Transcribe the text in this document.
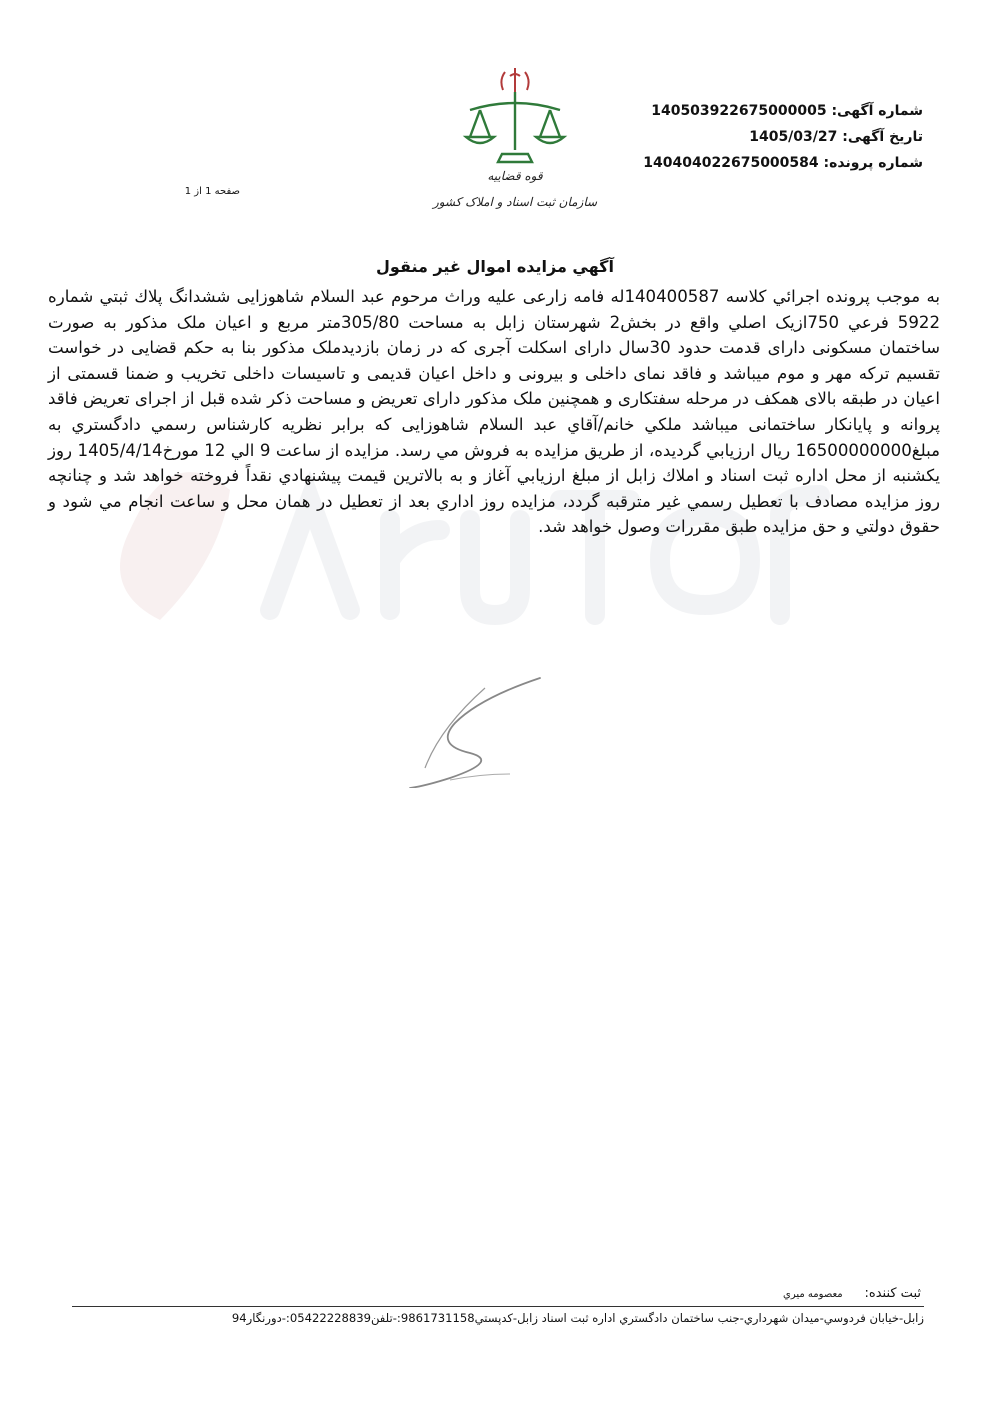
شماره آگهی: 140503922675000005
تاریخ آگهی: 1405/03/27
شماره پرونده: 140404022675000584
صفحه 1 از 1
قوه قضاییه
سازمان ثبت اسناد و املاک کشور
آگهي مزايده اموال غير منقول
به موجب پرونده اجرائي كلاسه 140400587له فامه زارعی علیه وراث مرحوم عبد السلام شاهوزایی ششدانگ پلاك ثبتي شماره 5922 فرعي 750ازیک اصلي واقع در بخش2 شهرستان زابل به مساحت 305/80متر مربع و اعیان ملک مذکور به صورت ساختمان مسکونی دارای قدمت حدود 30سال دارای اسکلت آجری که در زمان بازدیدملک مذکور بنا به حکم قضایی در خواست تقسیم ترکه مهر و موم میباشد و فاقد نمای داخلی و بیرونی و داخل اعیان قدیمی و تاسیسات داخلی تخریب و ضمنا قسمتی از اعیان در طبقه بالای همکف در مرحله سفتکاری و همچنین ملک مذکور دارای تعریض و مساحت ذکر شده قبل از اجرای تعریض فاقد پروانه و پایانکار ساختمانی میباشد ملكي خانم/آقاي عبد السلام شاهوزایی كه برابر نظريه كارشناس رسمي دادگستري به مبلغ16500000000 ريال ارزيابي گرديده، از طريق مزايده به فروش مي رسد. مزايده از ساعت 9 الي 12 مورخ1405/4/14 روز یکشنبه از محل اداره ثبت اسناد و املاك زابل از مبلغ ارزيابي آغاز و به بالاترين قيمت پيشنهادي نقداً فروخته خواهد شد و چنانچه روز مزايده مصادف با تعطيل رسمي غير مترقبه گردد، مزايده روز اداري بعد از تعطيل در همان محل و ساعت انجام مي شود و حقوق دولتي و حق مزايده طبق مقررات وصول خواهد شد.
ثبت کننده: معصومه ميري
زابل-خيابان فردوسي-ميدان شهرداري-جنب ساختمان دادگستري اداره ثبت اسناد زابل-کدپستي9861731158:-تلفن05422228839:-دورنگار94
